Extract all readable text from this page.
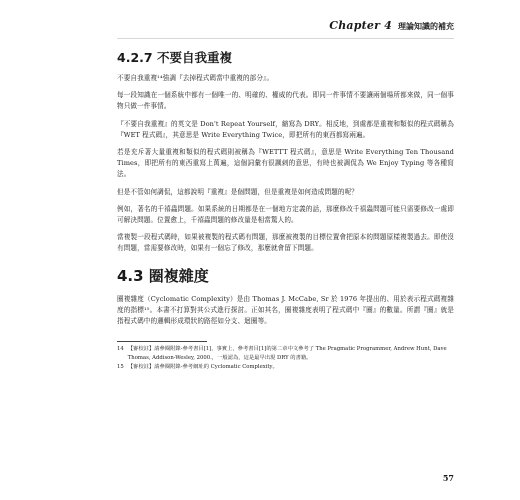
Chapter 4 理論知識的補充
4.2.7 不要自我重複

不要自我重複¹⁴強調『去掉程式碼當中重複的部分』。

每一段知識在一個系統中都有一個唯一的、明確的、權威的代表。即同一件事情不要讓兩個場所都來做，同一個事物只做一件事情。

『不要自我重複』的英文是 Don't Repeat Yourself，縮寫為 DRY。相反地，到處都是重複和類似的程式碼稱為『WET 程式碼』，其意思是 Write Everything Twice，即把所有的東西都寫兩遍。

若是充斥著大量重複和類似的程式碼則被稱為『WETTT 程式碼』，意思是 Write Everything Ten Thousand Times，即把所有的東西重寫上萬遍，這個詞彙有很諷刺的意思，有時也被調侃為 We Enjoy Typing 等各種寫法。

但是不管如何調侃，這都說明『重複』是個問題，但是重複是如何造成問題的呢？

例如，著名的千禧蟲問題。如果系統的日期都是在一個地方定義的話，那麼修改千禧蟲問題可能只需要修改一處即可解決問題。位置愈上，千禧蟲問題的修改量是相當驚人的。

當複製一段程式碼時，如果被複製的程式碼有問題，那麼被複製的目標位置會把原本的問題原樣複製過去。即使沒有問題，當需要修改時，如果有一個忘了修改，那麼就會留下問題。

4.3 圈複雜度

圈複雜度（Cyclomatic Complexity）是由 Thomas J. McCabe, Sr 於 1976 年提出的、用於表示程式碼複雜度的指標¹⁵。本書不打算對其公式進行探討。正如其名，圈複雜度表明了程式碼中『圈』的數量。所謂『圈』就是指程式碼中的邏輯形成環狀的路徑如分支、迴圈等。

14 【審校註】請參閱附錄-參考書目[1]，事實上，參考書目[1]的第二章中文參考了 The Pragmatic Programmer, Andrew Hunt, Dave Thomas, Addison-Wesley, 2000.，一般認為，這是最早出現 DRY 的書籍。
15 【審校註】請參閱附錄-參考網址的 Cyclomatic Complexity。
57
